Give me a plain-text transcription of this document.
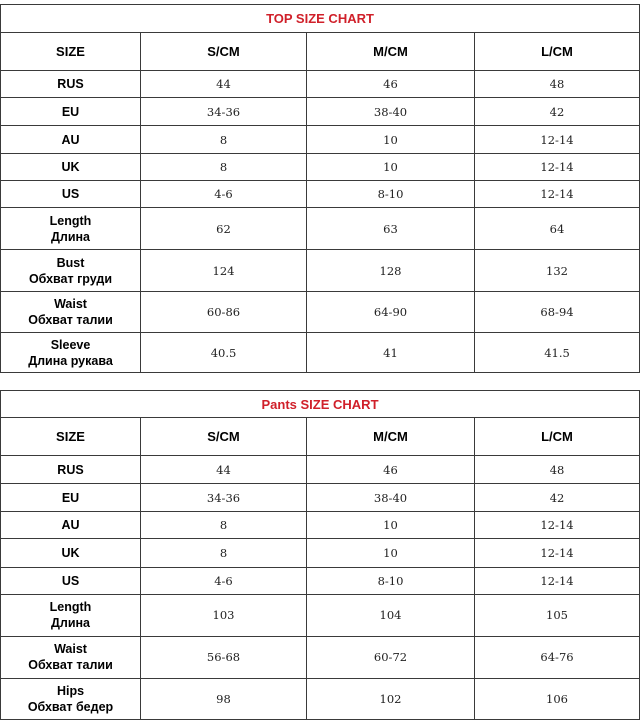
TOP SIZE CHART			
SIZE	S/CM	M/CM	L/CM

RUS	44	46	48

EU	34-36	38-40	42

AU	8	10	12-14

UK	8	10	12-14

US	4-6	8-10	12-14

Length
Длина	62	63	64

Bust
Обхват груди	124	128	132

Waist
Обхват талии	60-86	64-90	68-94

Sleeve
Длина рукава	40.5	41	41.5
Pants SIZE CHART			
SIZE	S/CM	M/CM	L/CM

RUS	44	46	48

EU	34-36	38-40	42

AU	8	10	12-14

UK	8	10	12-14

US	4-6	8-10	12-14

Length
Длина	103	104	105

Waist
Обхват талии	56-68	60-72	64-76

Hips
Обхват бедер	98	102	106
